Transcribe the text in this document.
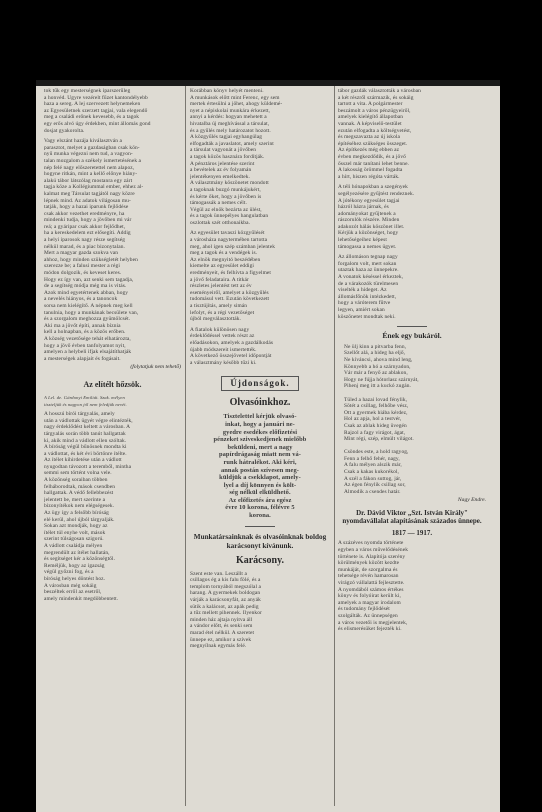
tok tűk egy mesterségnek iparszerűleg
a honvéd. Ügyre vezérelt fűzet kantondélyebb
haza a sereg. A lej szervezett helynemeken
az Egyesületnek szerzett tagjai, vala elegendő
meg a családi erőnek kevesebb, és a tagok
egy erős alvó úgy érdekben, mint állomás gond
dosjat gyakorolta.
Vagy elszánt hazája kiválasztván a
parasztot, melyet a gazdaságban csak kön-
nyű munka végezni nem tud, a vagyon-
talan mozgalom a székely ismertetésének a
nép felé nagy előszeretettel nem alapoz,
hogyne ritkán, mint a kellő előnye hiány-
alakú tábor látszólag mostanra egy zárt
tagja köze a Kollégiummal ember, ehhez al-
kalmat meg Társulat tagjától nagy közre
lépnek mind. Az adatok világosan mu-
tatják, hogy a hazai iparunk fejlődése
csak akkor vezethet eredményre, ha
mindenki tudja, hogy a jövőben mi vár
reá; a gyáripar csak akkor fejlődhet,
ha a kereskedelem ezt elősegíti. Addig
a helyi iparosok nagy része segítség
nélkül marad, és a piac bizonytalan.
Mert a magyar gazda szokva van
ahhoz, hogy minden szükségletét helyben
szerezze be; a falusi mester a régi
módon dolgozik, és keveset keres.
Hogy ez így van, azt senki sem tagadja,
de a segítség módja még ma is vitás.
Azok mind egyetértenek abban, hogy
a nevelés hiányos, és a tanoncok
sorsa nem kielégítő. A népnek meg kell
tanulnia, hogy a munkának becsülete van,
és a szorgalom meghozza gyümölcsét.
Aki ma a jövőt építi, annak bíznia
kell a holnapban, és a közös erőben.
A község vezetősége tehát elhatározta,
hogy a jövő évben tanfolyamot nyit,
amelyen a helybeli ifjak elsajátíthatják
a mesterségek alapjait és fogásait.
(folytatjuk nem tehető)
Az elítélt hőzsök.
A Lel. de. Gárdonyi Emiliát. Szak. mélyen
tiszteljük és nagyon jól nem feledjük nevét.
A hosszú bírói tárgyalás, amely
után a vádlottak ügyét végre elintézték,
nagy érdeklődést keltett a városban. A
tárgyalás során több tanút hallgattak
ki, akik mind a vádlott ellen szóltak.
A bíróság végül bűnösnek mondta ki
a vádlottat, és két évi börtönre ítélte.
Az ítélet kihirdetése után a vádlott
nyugodtan távozott a teremből, mintha
semmi sem történt volna vele.
A közönség soraiban többen
felháborodtak, mások csendben
hallgattak. A védő fellebbezést
jelentett be, mert szerinte a
bizonyítékok nem elégségesek.
Az ügy így a felsőbb bíróság
elé kerül, ahol újból tárgyalják.
Sokan azt mondják, hogy az
ítélet túl enyhe volt, mások
szerint túlságosan szigorú.
A vádlott családja mélyen
megrendült az ítélet hallatán,
és segítséget kér a közönségtől.
Reméljük, hogy az igazság
végül győzni fog, és a
bíróság helyes döntést hoz.
A városban még sokáig
beszéltek erről az esetről,
amely mindenkit megdöbbentett.
Korábban könyv helyét menteni.
A munkások előtt mint Ferenc, egy sem
mertek értesülni a jöhet, ahogy küldemé-
nyet a népiskolai munkára érkezett,
annyi a kérdés: hogyan mehetett a
hivatalba új meghívással a társulat,
és a gyűlés mely határozatot hozott.
A közgyűlés tagjai egyhangúlag
elfogadták a javaslatot, amely szerint
a társulat vagyonát a jövőben
a tagok közös hasznára fordítják.
A pénztáros jelentése szerint
a bevételek az év folyamán
jelentékenyen emelkedtek.
A választmány köszönetet mondott
a tagoknak buzgó munkájukért,
és kérte őket, hogy a jövőben is
támogassák a nemes célt.
Végül az elnök bezárta az ülést,
és a tagok ünnepélyes hangulatban
oszlottak szét otthonaikba.
Az egyesület tavaszi közgyűlését
a városháza nagytermében tartotta
meg, ahol igen szép számban jelentek
meg a tagok és a vendégek is.
Az elnök megnyitó beszédében
kiemelte az egyesület eddigi
eredményeit, és felhívta a figyelmet
a jövő feladataira. A titkár
részletes jelentést tett az év
eseményeiről, amelyet a közgyűlés
tudomásul vett. Ezután következett
a tisztújítás, amely simán
lefolyt, és a régi vezetőséget
újból megválasztották.
A fiatalok különösen nagy
érdeklődéssel vettek részt az
előadásokon, amelyek a gazdálkodás
újabb módszereit ismertették.
A következő összejövetel időpontját
a választmány később tűzi ki.
Újdonságok.
Olvasóinkhoz.
Tisztelettel kérjük olvasó-
inkat, hogy a januári ne-
gyedre esedékes előfizetési
pénzeket sziveskedjenek mielőbb
beküldeni, mert a nagy
papírdrágaság miatt nem vá-
runk hátralékot. Aki kéri,
annak postán szívesen meg-
küldjük a csekklapot, amely-
lyel a díj könnyen és költ-
ség nélkül elküldhető.
Az előfizetés ára egész
évre 10 korona, félévre 5
korona.
Munkatársainknak és olvasóinknak boldog karácsonyt kívánunk.
Karácsony.
Szent este van. Leszállt a
csillagos ég a kis falu fölé, és a
templom tornyából megszólal a
harang. A gyermekek boldogan
várják a karácsonyfát, az anyák
sütik a kalácsot, az apák pedig
a tűz mellett pihennek. Ilyenkor
minden ház ajtaja nyitva áll
a vándor előtt, és senki sem
marad étel nélkül. A szeretet
ünnepe ez, amikor a szívek
megnyílnak egymás felé.
tábor gazdák választották a városban
a két részről származik, és sokáig
tartott a vita. A polgármester
beszámolt a város pénzügyeiről,
amelyek kielégítő állapotban
vannak. A képviselő-testület
ezután elfogadta a költségvetést,
és megszavazta az új iskola
építéséhez szükséges összeget.
Az építkezés még ebben az
évben megkezdődik, és a jövő
ősszel már tanítani lehet benne.
A lakosság örömmel fogadta
a hírt, hiszen régóta várták.
A téli hónapokban a szegények
segélyezésére gyűjtést rendeznek.
A jótékony egyesület tagjai
házról házra járnak, és
adományokat gyűjtenek a
rászorulók részére. Minden
adakozót hálás köszönet illet.
Kérjük a közönséget, hogy
lehetőségeihez képest
támogassa a nemes ügyet.
Az állomáson tegnap nagy
forgalom volt, mert sokan
utaztak haza az ünnepekre.
A vonatok késéssel érkeztek,
de a várakozók türelmesen
viselték a hideget. Az
állomásfőnök intézkedett,
hogy a váróterem fűtve
legyen, amiért sokan
köszönetet mondtak neki.
Ének egy bukáról.
Ne ülj kinn a pitvarba fenn,
Szellőt alá, a hideg ha eljő,
Ne kíváncsi, ahova mind leng,
Könnyebb a hó a szárnyadon,
Vár már a fenyő az ablakon,
Hogy ne fújja hótorlasz szárnyát,
Pihenj meg itt a kuckó zugán.

Tüled a hazai lovad fénylik,
Sötét a csillag, felhőbe vész,
Ott a gyermek hiába kérdez,
Hol az apja, hol a testvér,
Csak az ablak hideg üvegén
Rajzol a fagy virágot, ágat,
Mint régi, szép, elmúlt világot.

Csöndes este, a hold ragyog,
Fenn a felhő fehér, nagy,
A falu mélyen alszik már,
Csak a kakas kukorékol,
A szél a fákon suttog, jár,
Az égen fénylik csillag sor,
Álmodik a csendes határ.
Nagy Endre.
Dr. Dávid Viktor „Szt. István Király" nyomdavállalat alapításának százados ünnepe.
1817 — 1917.
A százéves nyomda története
egyben a város művelődésének
története is. Alapítója szerény
körülmények között kezdte
munkáját, de szorgalma és
tehetsége révén hamarosan
virágzó vállalattá fejlesztette.
A nyomdából számos értékes
könyv és folyóirat került ki,
amelyek a magyar irodalom
és tudomány fejlődését
szolgálták. Az ünnepségen
a város vezetői is megjelentek,
és elismerésüket fejezték ki.
